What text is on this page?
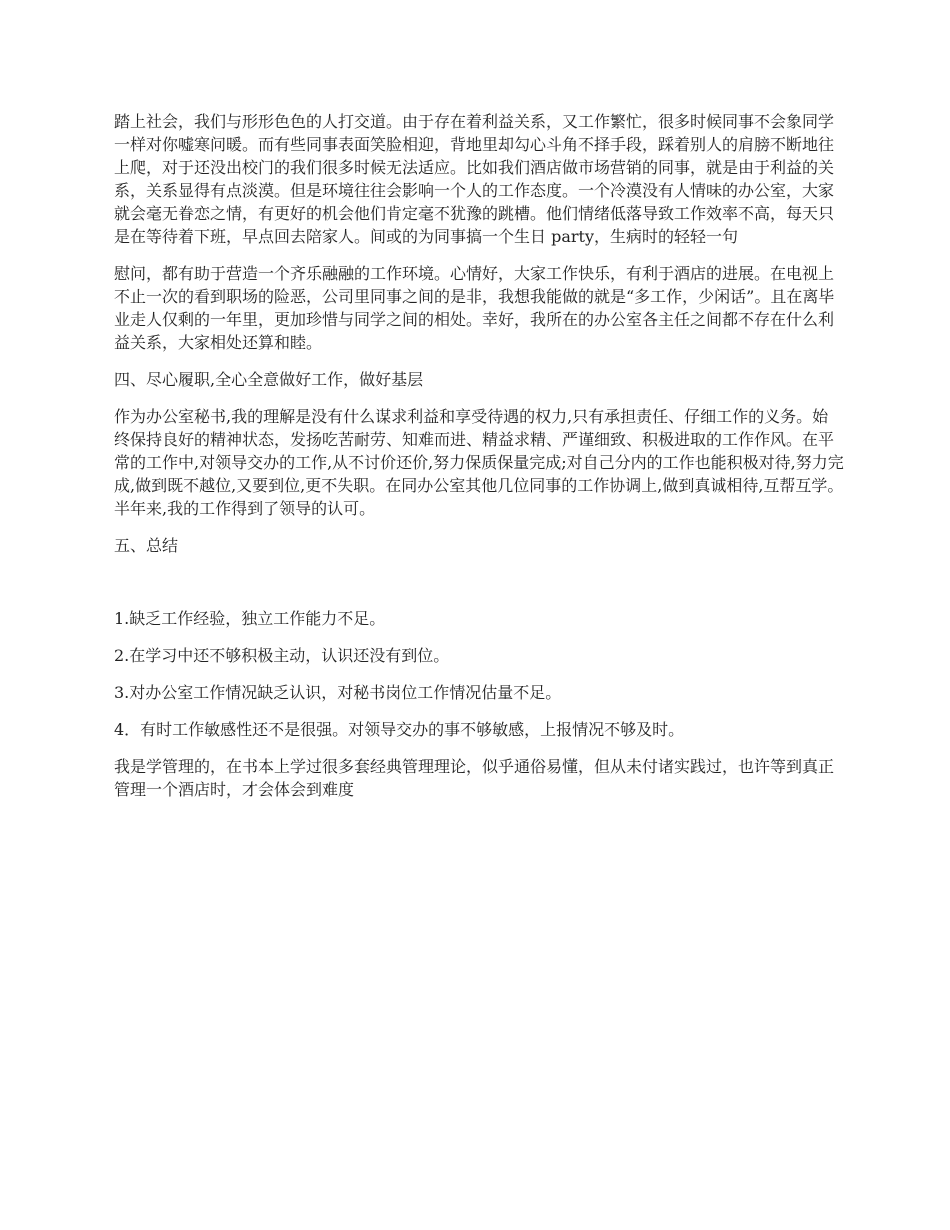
踏上社会，我们与形形色色的人打交道。由于存在着利益关系，又工作繁忙，很多时候同事不会象同学一样对你嘘寒问暖。而有些同事表面笑脸相迎，背地里却勾心斗角不择手段，踩着别人的肩膀不断地往上爬，对于还没出校门的我们很多时候无法适应。比如我们酒店做市场营销的同事，就是由于利益的关系，关系显得有点淡漠。但是环境往往会影响一个人的工作态度。一个冷漠没有人情味的办公室，大家就会毫无眷恋之情，有更好的机会他们肯定毫不犹豫的跳槽。他们情绪低落导致工作效率不高，每天只是在等待着下班，早点回去陪家人。间或的为同事搞一个生日 party，生病时的轻轻一句

慰问，都有助于营造一个齐乐融融的工作环境。心情好，大家工作快乐，有利于酒店的进展。在电视上不止一次的看到职场的险恶，公司里同事之间的是非，我想我能做的就是“多工作，少闲话”。且在离毕业走人仅剩的一年里，更加珍惜与同学之间的相处。幸好，我所在的办公室各主任之间都不存在什么利益关系，大家相处还算和睦。

四、尽心履职,全心全意做好工作，做好基层

作为办公室秘书,我的理解是没有什么谋求利益和享受待遇的权力,只有承担责任、仔细工作的义务。始终保持良好的精神状态，发扬吃苦耐劳、知难而进、精益求精、严谨细致、积极进取的工作作风。在平常的工作中,对领导交办的工作,从不讨价还价,努力保质保量完成;对自己分内的工作也能积极对待,努力完成,做到既不越位,又要到位,更不失职。在同办公室其他几位同事的工作协调上,做到真诚相待,互帮互学。半年来,我的工作得到了领导的认可。

五、总结

1.缺乏工作经验，独立工作能力不足。

2.在学习中还不够积极主动，认识还没有到位。

3.对办公室工作情况缺乏认识，对秘书岗位工作情况估量不足。

4．有时工作敏感性还不是很强。对领导交办的事不够敏感，上报情况不够及时。

我是学管理的，在书本上学过很多套经典管理理论，似乎通俗易懂，但从未付诸实践过，也许等到真正管理一个酒店时，才会体会到难度
